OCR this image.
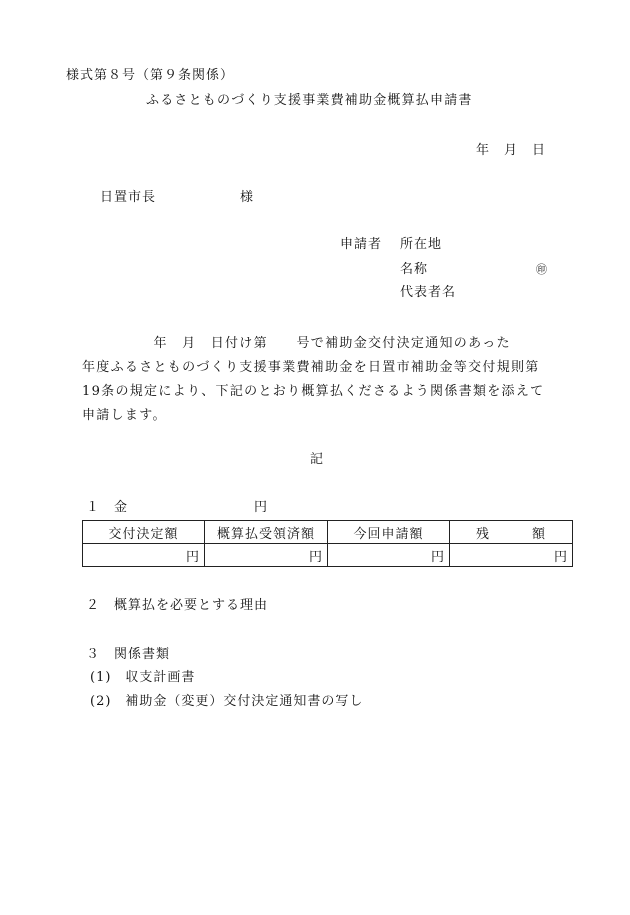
様式第８号（第９条関係）
ふるさとものづくり支援事業費補助金概算払申請書
年　月　日
日置市長　　　　　　様
申請者 所在地
名称	㊞
代表者名
　　　　　年　月　日付け第　　号で補助金交付決定通知のあった
年度ふるさとものづくり支援事業費補助金を日置市補助金等交付規則第
19条の規定により、下記のとおり概算払くださるよう関係書類を添えて
申請します。
記
１　金　　　　　　　　　円
交付決定額	概算払受領済額	今回申請額	残　　　額
円	円	円	円
２　概算払を必要とする理由
３　関係書類
(1)　収支計画書
(2)　補助金（変更）交付決定通知書の写し
